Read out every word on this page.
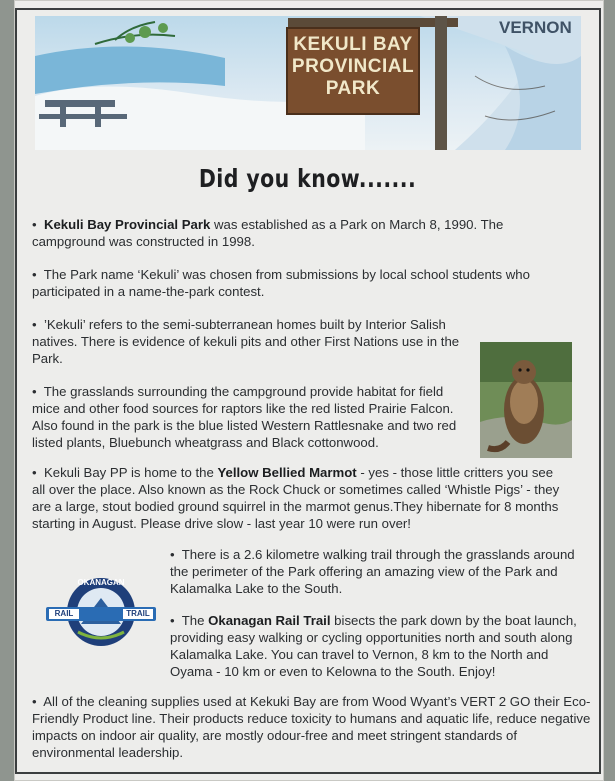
KEKULI BAY
PROVINCIAL
PARK
VERNON
Did you know.......
• Kekuli Bay Provincial Park was established as a Park on March 8, 1990. The campground was constructed in 1998.
• The Park name ‘Kekuli’ was chosen from submissions by local school students who participated in a name-the-park contest.
• ’Kekuli’ refers to the semi-subterranean homes built by Interior Salish natives. There is evidence of kekuli pits and other First Nations use in the Park.
• The grasslands surrounding the campground provide habitat for field mice and other food sources for raptors like the red listed Prairie Falcon. Also found in the park is the blue listed Western Rattlesnake and two red listed plants, Bluebunch wheatgrass and Black cottonwood.
• Kekuli Bay PP is home to the Yellow Bellied Marmot - yes - those little critters you see all over the place. Also known as the Rock Chuck or sometimes called ‘Whistle Pigs’ - they are a large, stout bodied ground squirrel in the marmot genus.They hibernate for 8 months starting in August. Please drive slow - last year 10 were run over!
• There is a 2.6 kilometre walking trail through the grasslands around the perimeter of the Park offering an amazing view of the Park and Kalamalka Lake to the South.
OKANAGAN
RAIL	TRAIL • The Okanagan Rail Trail bisects the park down by the boat launch, providing easy walking or cycling opportunities north and south along Kalamalka Lake. You can travel to Vernon, 8 km to the North and Oyama - 10 km or even to Kelowna to the South. Enjoy!
• All of the cleaning supplies used at Kekuki Bay are from Wood Wyant’s VERT 2 GO their Eco-Friendly Product line. Their products reduce toxicity to humans and aquatic life, reduce negative impacts on indoor air quality, are mostly odour-free and meet stringent standards of environmental leadership.
